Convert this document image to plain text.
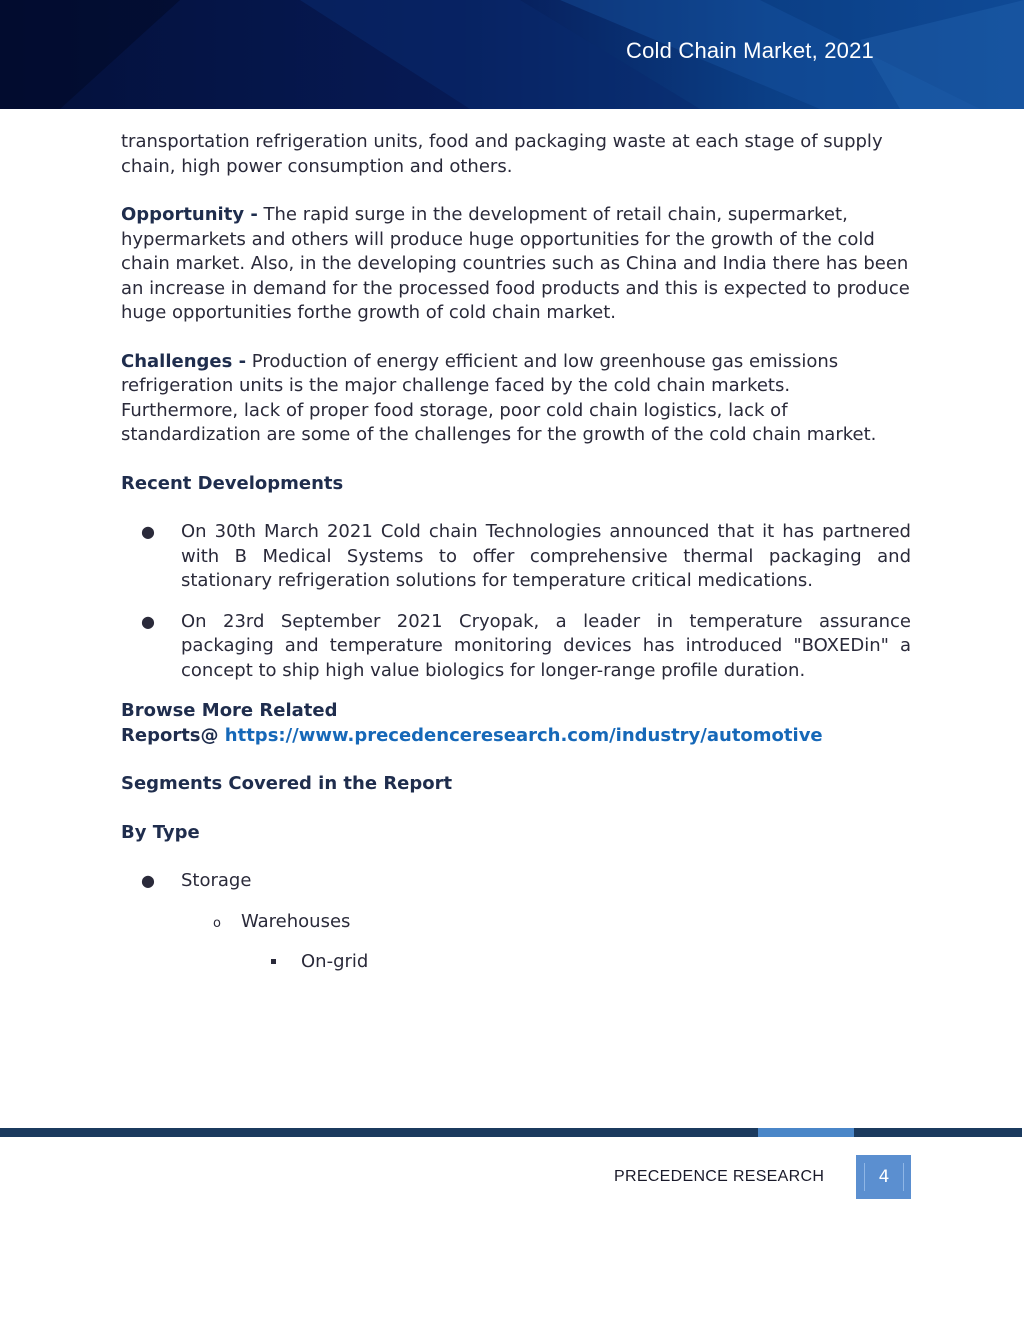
Cold Chain Market, 2021

transportation refrigeration units, food and packaging waste at each stage of supply chain, high power consumption and others.

Opportunity - The rapid surge in the development of retail chain, supermarket, hypermarkets and others will produce huge opportunities for the growth of the cold chain market. Also, in the developing countries such as China and India there has been an increase in demand for the processed food products and this is expected to produce huge opportunities forthe growth of cold chain market.

Challenges - Production of energy efficient and low greenhouse gas emissions refrigeration units is the major challenge faced by the cold chain markets. Furthermore, lack of proper food storage, poor cold chain logistics, lack of standardization are some of the challenges for the growth of the cold chain market.

Recent Developments

● On 30th March 2021 Cold chain Technologies announced that it has partnered with B Medical Systems to offer comprehensive thermal packaging and stationary refrigeration solutions for temperature critical medications.
● On 23rd September 2021 Cryopak, a leader in temperature assurance packaging and temperature monitoring devices has introduced "BOXEDin" a concept to ship high value biologics for longer-range profile duration.

Browse More Related

Reports@ https://www.precedenceresearch.com/industry/automotive

Segments Covered in the Report

By Type

● Storage
o Warehouses
On-grid
PRECEDENCE RESEARCH	4
